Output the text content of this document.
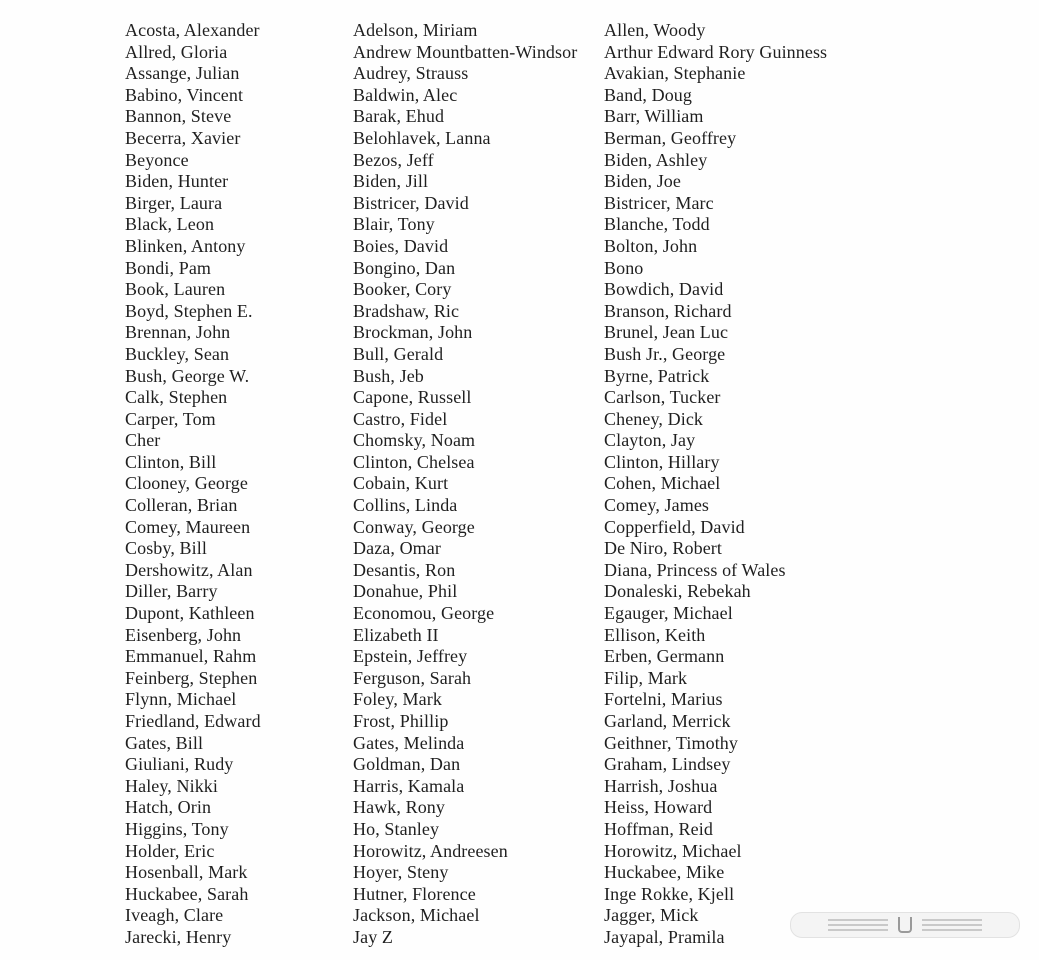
Acosta, Alexander
Allred, Gloria
Assange, Julian
Babino, Vincent
Bannon, Steve
Becerra, Xavier
Beyonce
Biden, Hunter
Birger, Laura
Black, Leon
Blinken, Antony
Bondi, Pam
Book, Lauren
Boyd, Stephen E.
Brennan, John
Buckley, Sean
Bush, George W.
Calk, Stephen
Carper, Tom
Cher
Clinton, Bill
Clooney, George
Colleran, Brian
Comey, Maureen
Cosby, Bill
Dershowitz, Alan
Diller, Barry
Dupont, Kathleen
Eisenberg, John
Emmanuel, Rahm
Feinberg, Stephen
Flynn, Michael
Friedland, Edward
Gates, Bill
Giuliani, Rudy
Haley, Nikki
Hatch, Orin
Higgins, Tony
Holder, Eric
Hosenball, Mark
Huckabee, Sarah
Iveagh, Clare
Jarecki, Henry
Adelson, Miriam
Andrew Mountbatten-Windsor
Audrey, Strauss
Baldwin, Alec
Barak, Ehud
Belohlavek, Lanna
Bezos, Jeff
Biden, Jill
Bistricer, David
Blair, Tony
Boies, David
Bongino, Dan
Booker, Cory
Bradshaw, Ric
Brockman, John
Bull, Gerald
Bush, Jeb
Capone, Russell
Castro, Fidel
Chomsky, Noam
Clinton, Chelsea
Cobain, Kurt
Collins, Linda
Conway, George
Daza, Omar
Desantis, Ron
Donahue, Phil
Economou, George
Elizabeth II
Epstein, Jeffrey
Ferguson, Sarah
Foley, Mark
Frost, Phillip
Gates, Melinda
Goldman, Dan
Harris, Kamala
Hawk, Rony
Ho, Stanley
Horowitz, Andreesen
Hoyer, Steny
Hutner, Florence
Jackson, Michael
Jay Z
Allen, Woody
Arthur Edward Rory Guinness
Avakian, Stephanie
Band, Doug
Barr, William
Berman, Geoffrey
Biden, Ashley
Biden, Joe
Bistricer, Marc
Blanche, Todd
Bolton, John
Bono
Bowdich, David
Branson, Richard
Brunel, Jean Luc
Bush Jr., George
Byrne, Patrick
Carlson, Tucker
Cheney, Dick
Clayton, Jay
Clinton, Hillary
Cohen, Michael
Comey, James
Copperfield, David
De Niro, Robert
Diana, Princess of Wales
Donaleski, Rebekah
Egauger, Michael
Ellison, Keith
Erben, Germann
Filip, Mark
Fortelni, Marius
Garland, Merrick
Geithner, Timothy
Graham, Lindsey
Harrish, Joshua
Heiss, Howard
Hoffman, Reid
Horowitz, Michael
Huckabee, Mike
Inge Rokke, Kjell
Jagger, Mick
Jayapal, Pramila
